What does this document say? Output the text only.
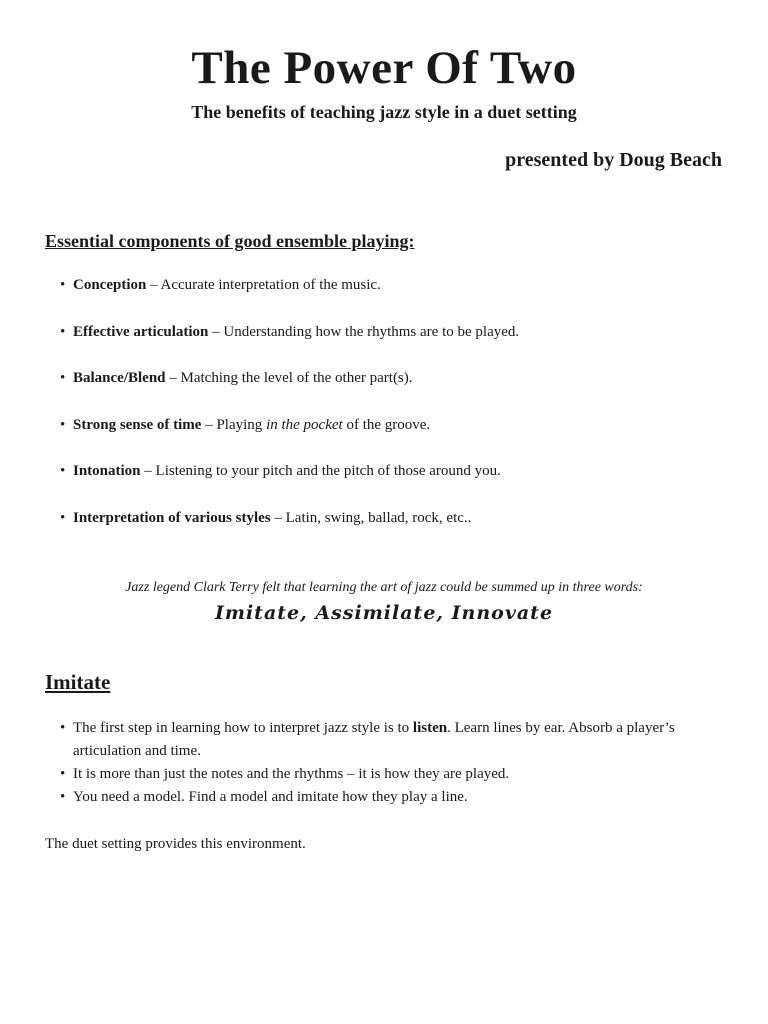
The Power Of Two
The benefits of teaching jazz style in a duet setting
presented by Doug Beach
Essential components of good ensemble playing:
• Conception – Accurate interpretation of the music.
• Effective articulation – Understanding how the rhythms are to be played.
• Balance/Blend – Matching the level of the other part(s).
• Strong sense of time – Playing in the pocket of the groove.
• Intonation – Listening to your pitch and the pitch of those around you.
• Interpretation of various styles – Latin, swing, ballad, rock, etc..
Jazz legend Clark Terry felt that learning the art of jazz could be summed up in three words:
Imitate, Assimilate, Innovate
Imitate
• The first step in learning how to interpret jazz style is to listen. Learn lines by ear. Absorb a player’s articulation and time.
• It is more than just the notes and the rhythms – it is how they are played.
• You need a model. Find a model and imitate how they play a line.
The duet setting provides this environment.
